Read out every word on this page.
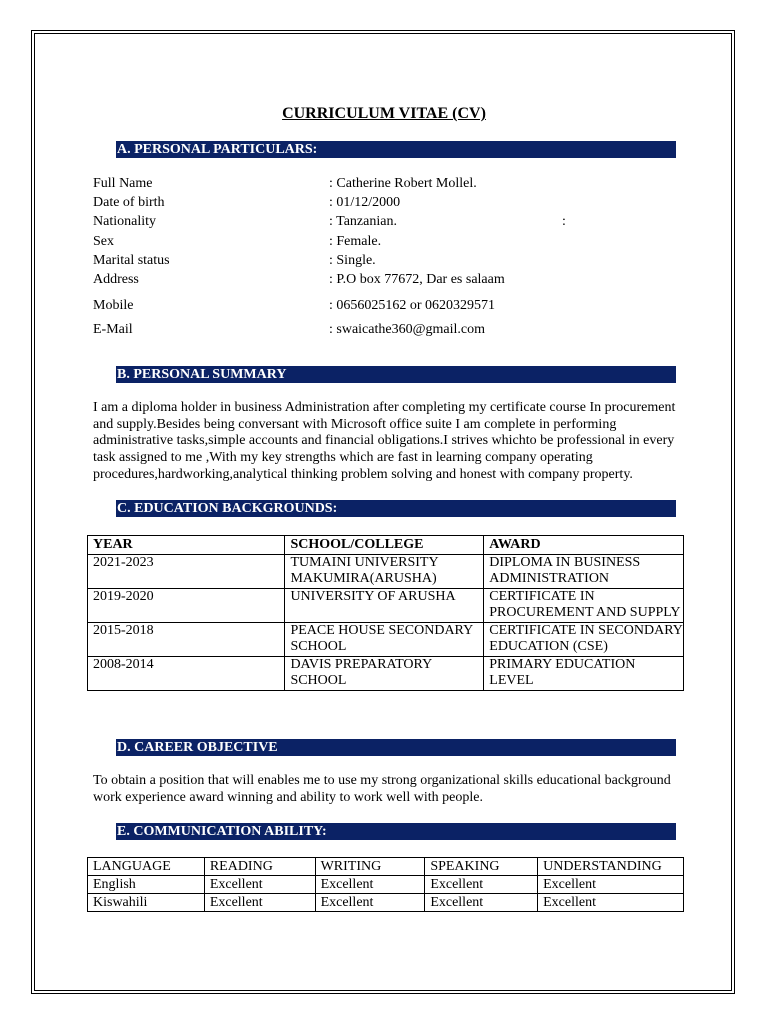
CURRICULUM VITAE (CV)
A. PERSONAL PARTICULARS:
Full Name	: Catherine Robert Mollel.
Date of birth	: 01/12/2000
Nationality	: Tanzanian.	:
Sex	: Female.
Marital status	: Single.
Address	: P.O box 77672, Dar es salaam
Mobile	: 0656025162 or 0620329571
E-Mail	: swaicathe360@gmail.com
B. PERSONAL SUMMARY
I am a diploma holder in business Administration after completing my certificate course In procurement and supply.Besides being conversant with Microsoft office suite I am complete in performing administrative tasks,simple accounts and financial obligations.I strives whichto be professional in every task assigned to me ,With my key strengths which are fast in learning company operating procedures,hardworking,analytical thinking problem solving and honest with company property.
C. EDUCATION BACKGROUNDS:
YEAR	SCHOOL/COLLEGE	AWARD
2021-2023	TUMAINI UNIVERSITY MAKUMIRA(ARUSHA)	DIPLOMA IN BUSINESS ADMINISTRATION
2019-2020	UNIVERSITY OF ARUSHA	CERTIFICATE IN PROCUREMENT AND SUPPLY
2015-2018	PEACE HOUSE SECONDARY SCHOOL	CERTIFICATE IN SECONDARY EDUCATION (CSE)
2008-2014	DAVIS PREPARATORY SCHOOL	PRIMARY EDUCATION LEVEL
D. CAREER OBJECTIVE
To obtain a position that will enables me to use my strong organizational skills educational background work experience award winning and ability to work well with people.
E. COMMUNICATION ABILITY:
LANGUAGE	READING	WRITING	SPEAKING	UNDERSTANDING
English	Excellent	Excellent	Excellent	Excellent
Kiswahili	Excellent	Excellent	Excellent	Excellent
